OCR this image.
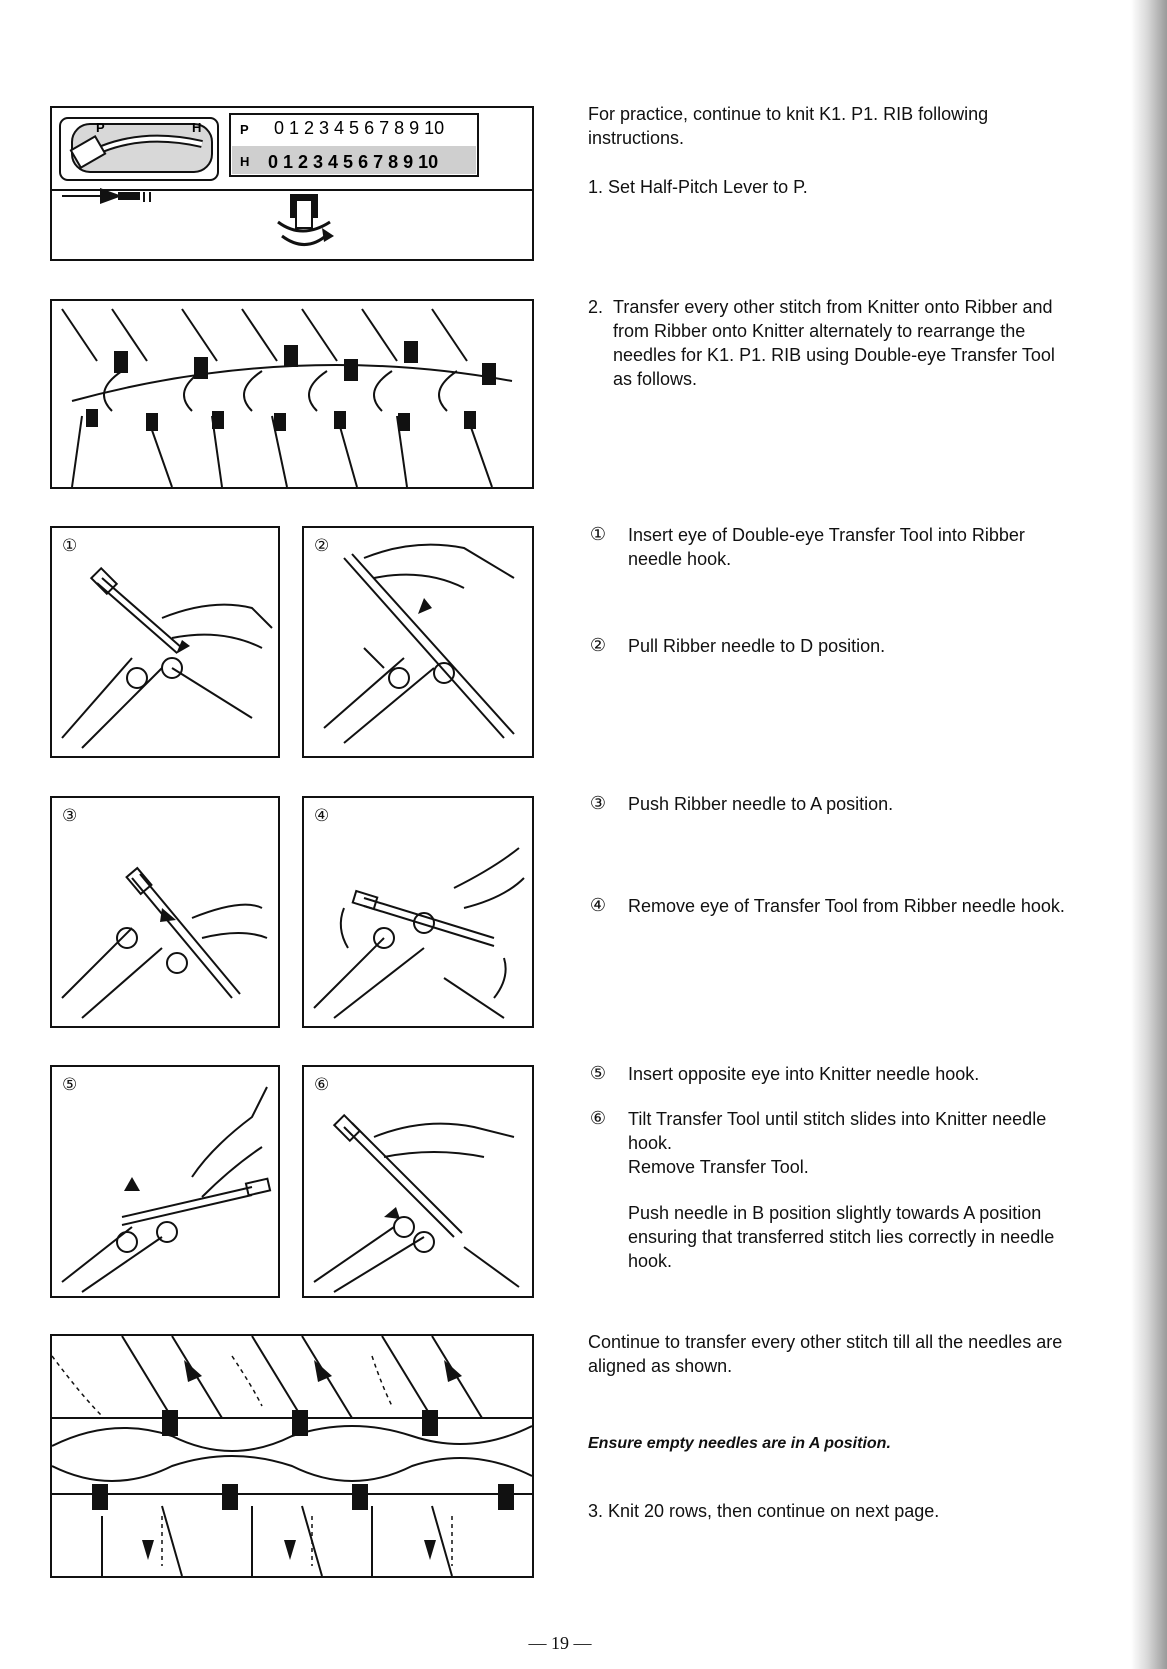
P	H	P 0 1 2 3 4 5 6 7 8 9 10
H 0 1 2 3 4 5 6 7 8 9 10
①	②
③	④
⑤	⑥
For practice, continue to knit K1. P1. RIB following instructions.
1. Set Half-Pitch Lever to P.
2. Transfer every other stitch from Knitter onto Ribber and from Ribber onto Knitter alternately to rearrange the needles for K1. P1. RIB using Double-eye Transfer Tool as follows.
① Insert eye of Double-eye Transfer Tool into Ribber needle hook.
② Pull Ribber needle to D position.
③ Push Ribber needle to A position.
④ Remove eye of Transfer Tool from Ribber needle hook.
⑤ Insert opposite eye into Knitter needle hook.
⑥ Tilt Transfer Tool until stitch slides into Knitter needle hook.
Remove Transfer Tool.
Push needle in B position slightly towards A position ensuring that transferred stitch lies correctly in needle hook.
Continue to transfer every other stitch till all the needles are aligned as shown.
Ensure empty needles are in A position.
3. Knit 20 rows, then continue on next page.
— 19 —
